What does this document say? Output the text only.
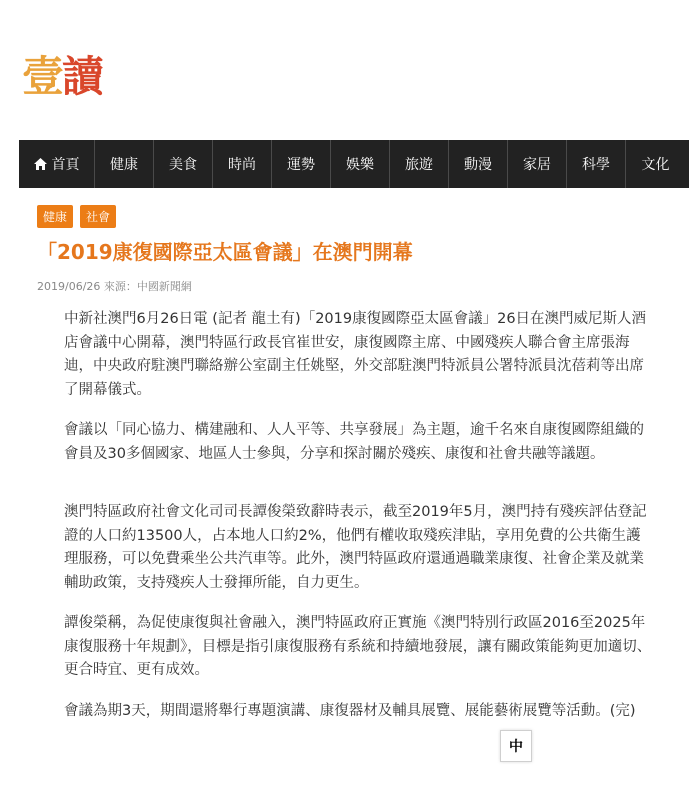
壹 讀
首頁	健康	美食	時尚	運勢	娛樂	旅遊	動漫	家居	科學	文化
健康	社會
「2019康復國際亞太區會議」在澳門開幕
2019/06/26 來源：中國新聞網

中新社澳門6月26日電 (記者 龍土有)「2019康復國際亞太區會議」26日在澳門威尼斯人酒店會議中心開幕，澳門特區行政長官崔世安，康復國際主席、中國殘疾人聯合會主席張海迪，中央政府駐澳門聯絡辦公室副主任姚堅，外交部駐澳門特派員公署特派員沈蓓莉等出席了開幕儀式。

會議以「同心協力、構建融和、人人平等、共享發展」為主題，逾千名來自康復國際組織的會員及30多個國家、地區人士參與，分享和探討關於殘疾、康復和社會共融等議題。

澳門特區政府社會文化司司長譚俊榮致辭時表示，截至2019年5月，澳門持有殘疾評估登記證的人口約13500人，占本地人口約2%，他們有權收取殘疾津貼，享用免費的公共衛生護理服務，可以免費乘坐公共汽車等。此外，澳門特區政府還通過職業康復、社會企業及就業輔助政策，支持殘疾人士發揮所能，自力更生。

譚俊榮稱，為促使康復與社會融入，澳門特區政府正實施《澳門特別行政區2016至2025年康復服務十年規劃》，目標是指引康復服務有系統和持續地發展，讓有關政策能夠更加適切、更合時宜、更有成效。

會議為期3天，期間還將舉行專題演講、康復器材及輔具展覽、展能藝術展覽等活動。(完)

中
